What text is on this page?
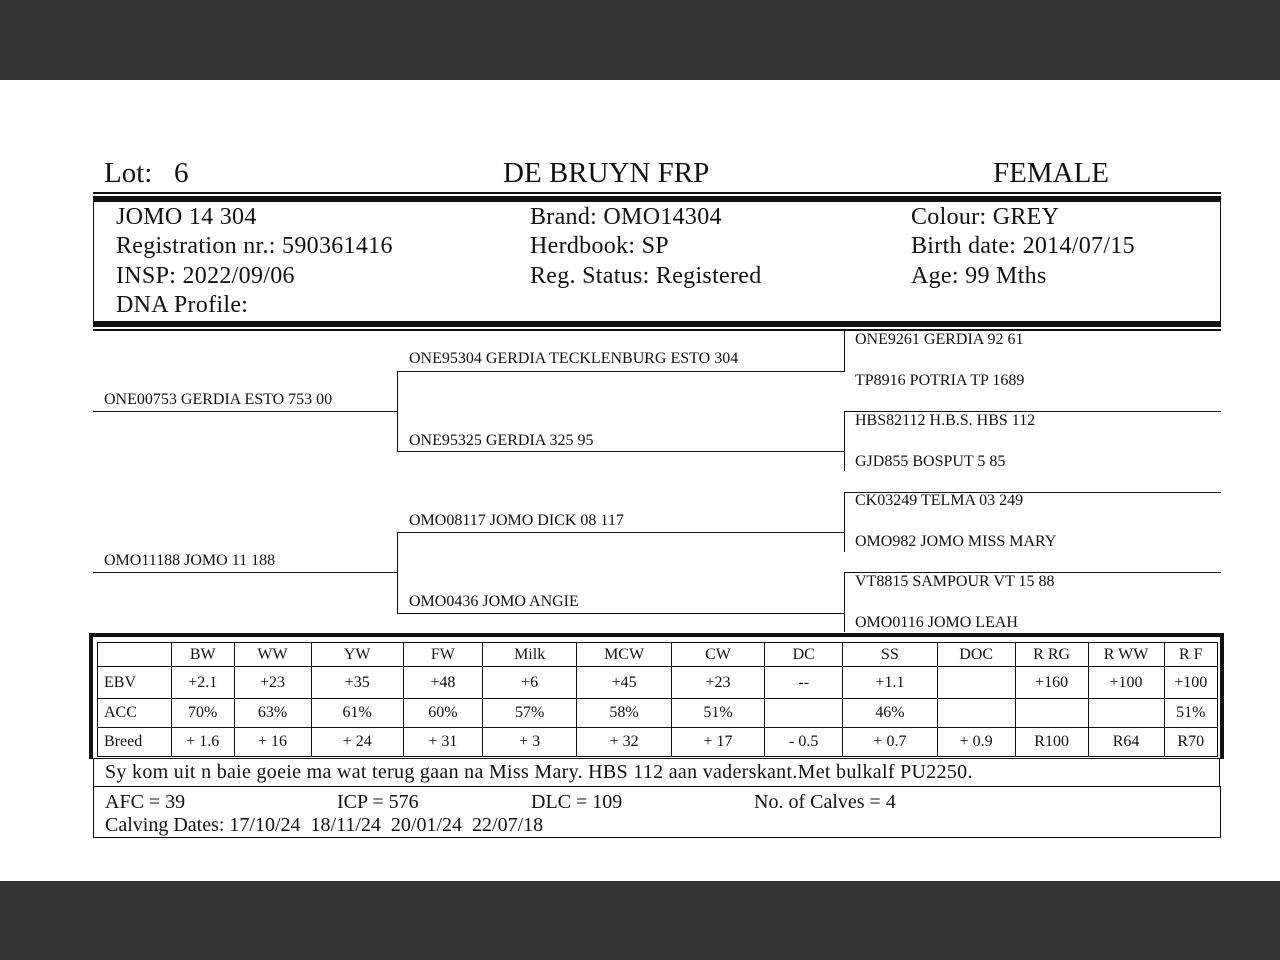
Lot: 6	DE BRUYN FRP	FEMALE
JOMO 14 304
Registration nr.: 590361416
INSP: 2022/09/06
DNA Profile:
Brand: OMO14304
Herdbook: SP
Reg. Status: Registered
Colour: GREY
Birth date: 2014/07/15
Age: 99 Mths
ONE00753 GERDIA ESTO 753 00
OMO11188 JOMO 11 188
ONE95304 GERDIA TECKLENBURG ESTO 304
ONE95325 GERDIA 325 95
OMO08117 JOMO DICK 08 117
OMO0436 JOMO ANGIE
ONE9261 GERDIA 92 61
TP8916 POTRIA TP 1689
HBS82112 H.B.S. HBS 112
GJD855 BOSPUT 5 85
CK03249 TELMA 03 249
OMO982 JOMO MISS MARY
VT8815 SAMPOUR VT 15 88
OMO0116 JOMO LEAH
	BW	WW	YW	FW	Milk	MCW	CW	DC	SS	DOC	R RG	R WW	R F
EBV	+2.1	+23	+35	+48	+6	+45	+23	--	+1.1		+160	+100	+100
ACC	70%	63%	61%	60%	57%	58%	51%		46%				51%
Breed	+ 1.6	+ 16	+ 24	+ 31	+ 3	+ 32	+ 17	- 0.5	+ 0.7	+ 0.9	R100	R64	R70
Sy kom uit n baie goeie ma wat terug gaan na Miss Mary. HBS 112 aan vaderskant.Met bulkalf PU2250.
AFC = 39	ICP = 576	DLC = 109	No. of Calves = 4
Calving Dates: 17/10/24  18/11/24  20/01/24  22/07/18
